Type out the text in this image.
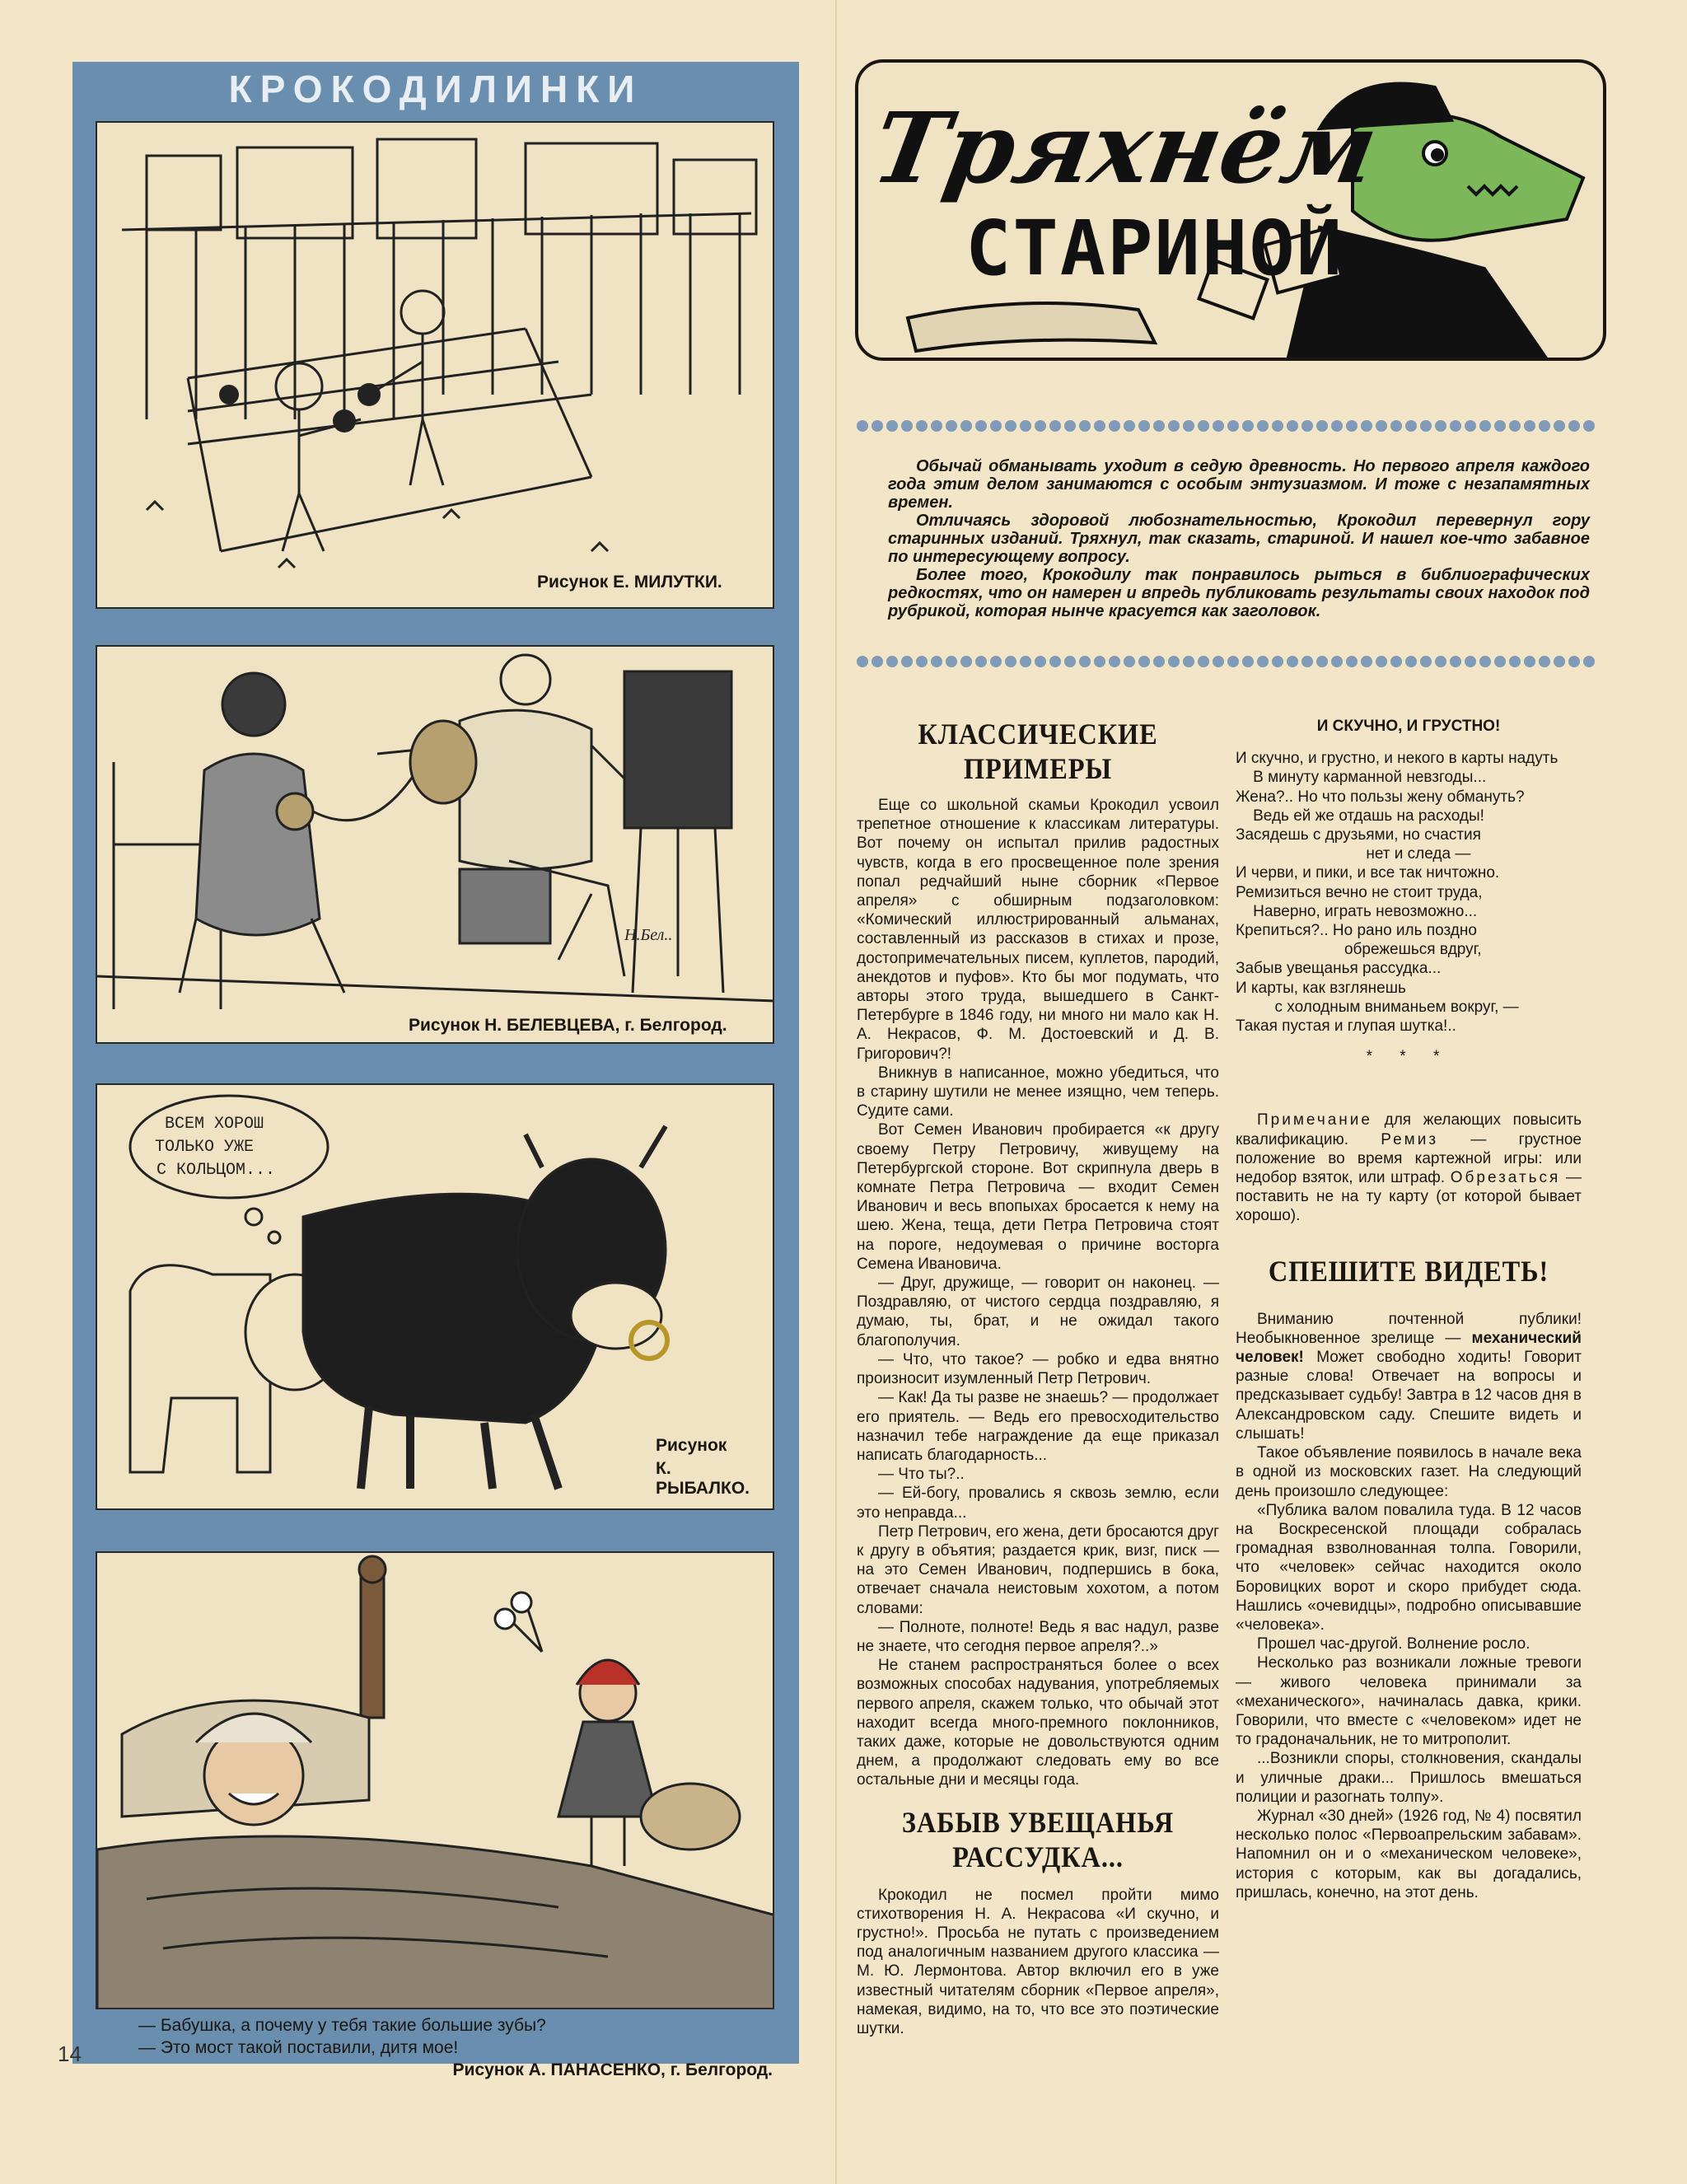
КРОКОДИЛИНКИ
Рисунок Е. МИЛУТКИ.
Н.Бел..
Рисунок Н. БЕЛЕВЦЕВА, г. Белгород.
ВСЕМ ХОРОШ
ТОЛЬКО УЖЕ
С КОЛЬЦОМ...
Рисунок
К. РЫБАЛКО.
— Бабушка, а почему у тебя такие большие зубы?
— Это мост такой поставили, дитя мое!
Рисунок А. ПАНАСЕНКО, г. Белгород.
14
Тряхнём
СТАРИНОЙ

Обычай обманывать уходит в седую древность. Но первого апреля каждого года этим делом занимаются с особым энтузиазмом. И тоже с незапамятных времен.

Отличаясь здоровой любознательностью, Крокодил перевернул гору старинных изданий. Тряхнул, так сказать, стариной. И нашел кое-что забавное по интересующему вопросу.

Более того, Крокодилу так понравилось рыться в библиографических редкостях, что он намерен и впредь публиковать результаты своих находок под рубрикой, которая нынче красуется как заголовок.

КЛАССИЧЕСКИЕ ПРИМЕРЫ

Еще со школьной скамьи Крокодил усвоил трепетное отношение к классикам литературы. Вот почему он испытал прилив радостных чувств, когда в его просвещенное поле зрения попал редчайший ныне сборник «Первое апреля» с обширным подзаголовком: «Комический иллюстрированный альманах, составленный из рассказов в стихах и прозе, достопримечательных писем, куплетов, пародий, анекдотов и пуфов». Кто бы мог подумать, что авторы этого труда, вышедшего в Санкт-Петербурге в 1846 году, ни много ни мало как Н. А. Некрасов, Ф. М. Достоевский и Д. В. Григорович?!

Вникнув в написанное, можно убедиться, что в старину шутили не менее изящно, чем теперь. Судите сами.

Вот Семен Иванович пробирается «к другу своему Петру Петровичу, живущему на Петербургской стороне. Вот скрипнула дверь в комнате Петра Петровича — входит Семен Иванович и весь впопыхах бросается к нему на шею. Жена, теща, дети Петра Петровича стоят на пороге, недоумевая о причине восторга Семена Ивановича.

— Друг, дружище, — говорит он наконец. — Поздравляю, от чистого сердца поздравляю, я думаю, ты, брат, и не ожидал такого благополучия.

— Что, что такое? — робко и едва внятно произносит изумленный Петр Петрович.

— Как! Да ты разве не знаешь? — продолжает его приятель. — Ведь его превосходительство назначил тебе награждение да еще приказал написать благодарность...

— Что ты?..

— Ей-богу, провались я сквозь землю, если это неправда...

Петр Петрович, его жена, дети бросаются друг к другу в объятия; раздается крик, визг, писк — на это Семен Иванович, подпершись в бока, отвечает сначала неистовым хохотом, а потом словами:

— Полноте, полноте! Ведь я вас надул, разве не знаете, что сегодня первое апреля?..»

Не станем распространяться более о всех возможных способах надувания, употребляемых первого апреля, скажем только, что обычай этот находит всегда много-премного поклонников, таких даже, которые не довольствуются одним днем, а продолжают следовать ему во все остальные дни и месяцы года.

ЗАБЫВ УВЕЩАНЬЯ РАССУДКА...

Крокодил не посмел пройти мимо стихотворения Н. А. Некрасова «И скучно, и грустно!». Просьба не путать с произведением под аналогичным названием другого классика — М. Ю. Лермонтова. Автор включил его в уже известный читателям сборник «Первое апреля», намекая, видимо, на то, что все это поэтические шутки.

И СКУЧНО, И ГРУСТНО!
И скучно, и грустно, и некого в карты надуть
В минуту карманной невзгоды...
Жена?.. Но что пользы жену обмануть?
Ведь ей же отдашь на расходы!
Засядешь с друзьями, но счастия
нет и следа —
И черви, и пики, и все так ничтожно.
Ремизиться вечно не стоит труда,
Наверно, играть невозможно...
Крепиться?.. Но рано иль поздно
обрежешься вдруг,
Забыв увещанья рассудка...
И карты, как взглянешь
с холодным вниманьем вокруг, —
Такая пустая и глупая шутка!..
* * *

Примечание для желающих повысить квалификацию. Ремиз — грустное положение во время картежной игры: или недобор взяток, или штраф. Обрезаться — поставить не на ту карту (от которой бывает хорошо).

СПЕШИТЕ ВИДЕТЬ!

Вниманию почтенной публики! Необыкновенное зрелище — механический человек! Может свободно ходить! Говорит разные слова! Отвечает на вопросы и предсказывает судьбу! Завтра в 12 часов дня в Александровском саду. Спешите видеть и слышать!

Такое объявление появилось в начале века в одной из московских газет. На следующий день произошло следующее:

«Публика валом повалила туда. В 12 часов на Воскресенской площади собралась громадная взволнованная толпа. Говорили, что «человек» сейчас находится около Боровицких ворот и скоро прибудет сюда. Нашлись «очевидцы», подробно описывавшие «человека».

Прошел час-другой. Волнение росло.

Несколько раз возникали ложные тревоги — живого человека принимали за «механического», начиналась давка, крики. Говорили, что вместе с «человеком» идет не то градоначальник, не то митрополит.

...Возникли споры, столкновения, скандалы и уличные драки... Пришлось вмешаться полиции и разогнать толпу».

Журнал «30 дней» (1926 год, № 4) посвятил несколько полос «Первоапрельским забавам». Напомнил он и о «механическом человеке», история с которым, как вы догадались, пришлась, конечно, на этот день.
